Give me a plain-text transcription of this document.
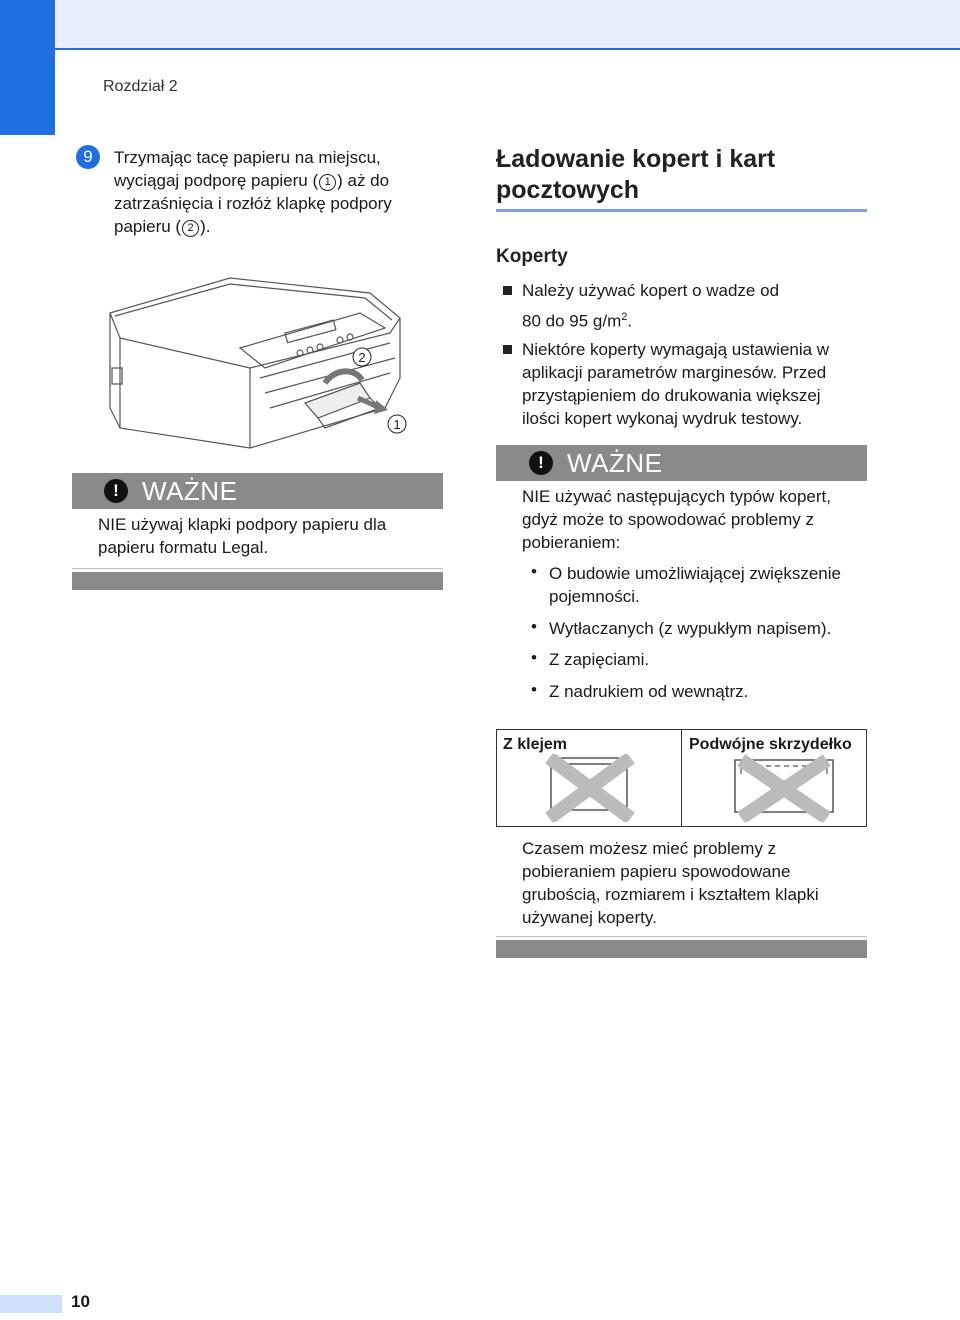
Rozdział 2
9	Trzymając tacę papieru na miejscu,
wyciągaj podporę papieru ( 1 ) aż do
zatrzaśnięcia i rozłóż klapkę podpory
papieru ( 2 ).
2
1
! WAŻNE
NIE używaj klapki podpory papieru dla
papieru formatu Legal.
Ładowanie kopert i kart
pocztowych
Koperty
Należy używać kopert o wadze od
80 do 95 $g/m^2$.
Niektóre koperty wymagają ustawienia w
aplikacji parametrów marginesów. Przed
przystąpieniem do drukowania większej
ilości kopert wykonaj wydruk testowy.
! WAŻNE
NIE używać następujących typów kopert,
gdyż może to spowodować problemy z
pobieraniem:
• O budowie umożliwiającej zwiększenie
pojemności.
• Wytłaczanych (z wypukłym napisem).
• Z zapięciami.
• Z nadrukiem od wewnątrz.
Z klejem	Podwójne skrzydełko
Czasem możesz mieć problemy z
pobieraniem papieru spowodowane
grubością, rozmiarem i kształtem klapki
używanej koperty.
10
